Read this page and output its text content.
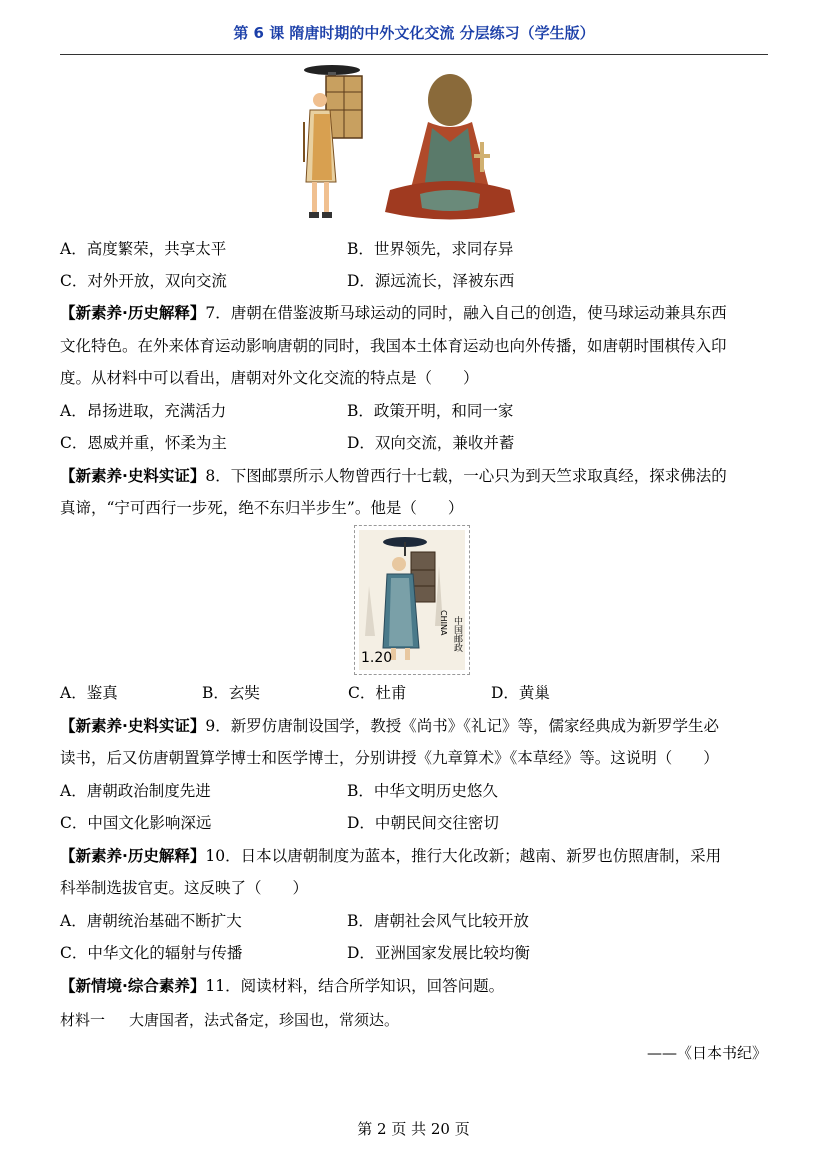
第 6 课 隋唐时期的中外文化交流 分层练习（学生版）
A．高度繁荣，共享太平	B．世界领先，求同存异
C．对外开放，双向交流	D．源远流长，泽被东西
【新素养·历史解释】7．唐朝在借鉴波斯马球运动的同时，融入自己的创造，使马球运动兼具东西
文化特色。在外来体育运动影响唐朝的同时，我国本土体育运动也向外传播，如唐朝时围棋传入印
度。从材料中可以看出，唐朝对外文化交流的特点是（　　）
A．昂扬进取，充满活力	B．政策开明，和同一家
C．恩威并重，怀柔为主	D．双向交流，兼收并蓄
【新素养·史料实证】8．下图邮票所示人物曾西行十七载，一心只为到天竺求取真经，探求佛法的
真谛，“宁可西行一步死，绝不东归半步生”。他是（　　）
1.20
中国邮政
CHINA
A．鉴真	B．玄奘	C．杜甫	D．黄巢
【新素养·史料实证】9．新罗仿唐制设国学，教授《尚书》《礼记》等，儒家经典成为新罗学生必
读书，后又仿唐朝置算学博士和医学博士，分别讲授《九章算术》《本草经》等。这说明（　　）
A．唐朝政治制度先进	B．中华文明历史悠久
C．中国文化影响深远	D．中朝民间交往密切
【新素养·历史解释】10．日本以唐朝制度为蓝本，推行大化改新；越南、新罗也仿照唐制，采用
科举制选拔官吏。这反映了（　　）
A．唐朝统治基础不断扩大	B．唐朝社会风气比较开放
C．中华文化的辐射与传播	D．亚洲国家发展比较均衡
【新情境·综合素养】11．阅读材料，结合所学知识，回答问题。
材料一 大唐国者，法式备定，珍国也，常须达。
——《日本书纪》
第 2 页 共 20 页
